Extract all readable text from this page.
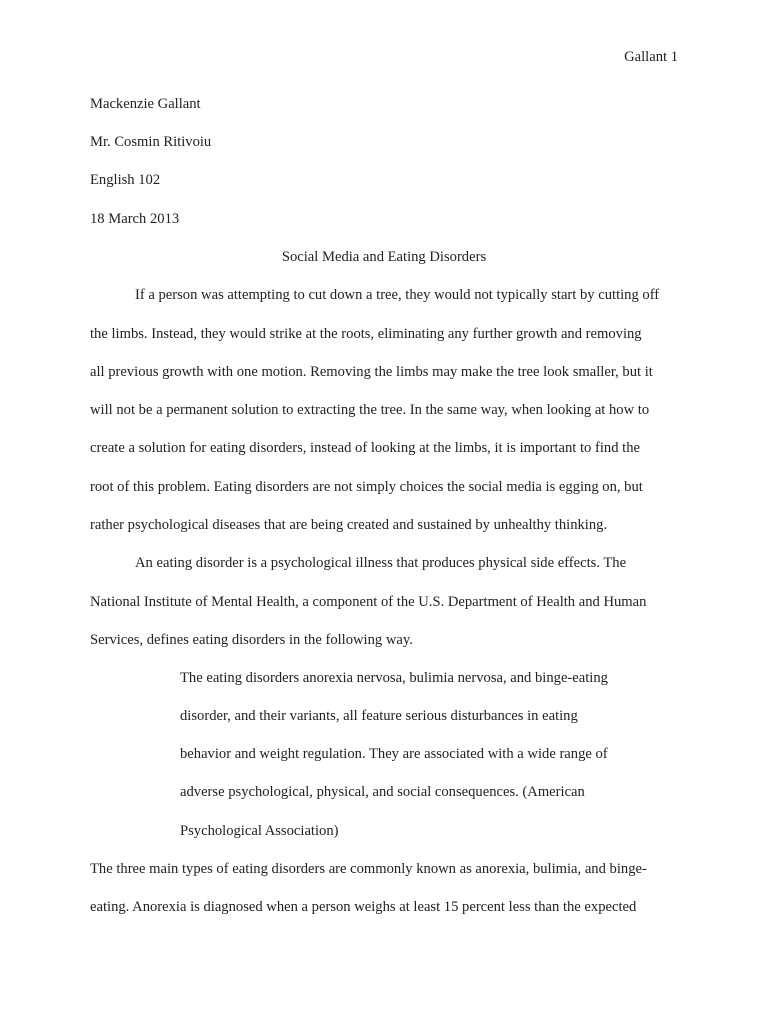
Gallant 1
Mackenzie Gallant
Mr. Cosmin Ritivoiu
English 102
18 March 2013
Social Media and Eating Disorders
If a person was attempting to cut down a tree, they would not typically start by cutting off
the limbs. Instead, they would strike at the roots, eliminating any further growth and removing
all previous growth with one motion. Removing the limbs may make the tree look smaller, but it
will not be a permanent solution to extracting the tree. In the same way, when looking at how to
create a solution for eating disorders, instead of looking at the limbs, it is important to find the
root of this problem. Eating disorders are not simply choices the social media is egging on, but
rather psychological diseases that are being created and sustained by unhealthy thinking.
An eating disorder is a psychological illness that produces physical side effects. The
National Institute of Mental Health, a component of the U.S. Department of Health and Human
Services, defines eating disorders in the following way.
The eating disorders anorexia nervosa, bulimia nervosa, and binge-eating
disorder, and their variants, all feature serious disturbances in eating
behavior and weight regulation. They are associated with a wide range of
adverse psychological, physical, and social consequences. (American
Psychological Association)
The three main types of eating disorders are commonly known as anorexia, bulimia, and binge-
eating. Anorexia is diagnosed when a person weighs at least 15 percent less than the expected
